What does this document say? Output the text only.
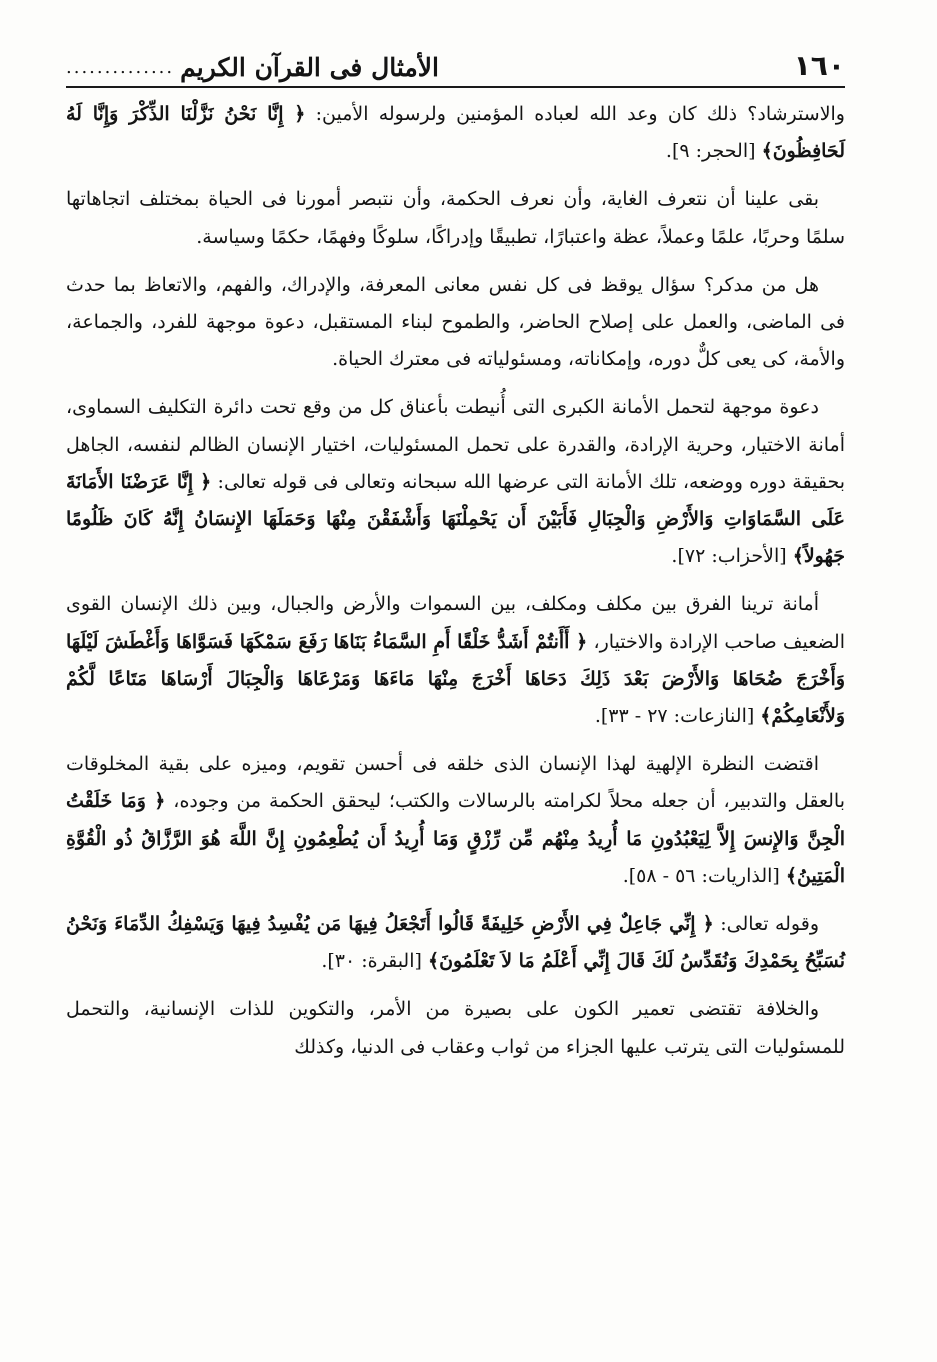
١٦٠
الأمثال فى القرآن الكريم
..............

والاسترشاد؟ ذلك كان وعد الله لعباده المؤمنين ولرسوله الأمين: ﴿ إِنَّا نَحْنُ نَزَّلْنَا الذِّكْرَ وَإِنَّا لَهُ لَحَافِظُونَ﴾ [الحجر: ٩].

بقى علينا أن نتعرف الغاية، وأن نعرف الحكمة، وأن نتبصر أمورنا فى الحياة بمختلف اتجاهاتها سلمًا وحربًا، علمًا وعملاً، عظة واعتبارًا، تطبيقًا وإدراكًا، سلوكًا وفهمًا، حكمًا وسياسة.

هل من مدكر؟ سؤال يوقظ فى كل نفس معانى المعرفة، والإدراك، والفهم، والاتعاظ بما حدث فى الماضى، والعمل على إصلاح الحاضر، والطموح لبناء المستقبل، دعوة موجهة للفرد، والجماعة، والأمة، كى يعى كلٌّ دوره، وإمكاناته، ومسئولياته فى معترك الحياة.

دعوة موجهة لتحمل الأمانة الكبرى التى أُنيطت بأعناق كل من وقع تحت دائرة التكليف السماوى، أمانة الاختيار، وحرية الإرادة، والقدرة على تحمل المسئوليات، اختيار الإنسان الظالم لنفسه، الجاهل بحقيقة دوره ووضعه، تلك الأمانة التى عرضها الله سبحانه وتعالى فى قوله تعالى: ﴿ إِنَّا عَرَضْنَا الأَمَانَةَ عَلَى السَّمَاوَاتِ وَالأَرْضِ وَالْجِبَالِ فَأَبَيْنَ أَن يَحْمِلْنَهَا وَأَشْفَقْنَ مِنْهَا وَحَمَلَهَا الإِنسَانُ إِنَّهُ كَانَ ظَلُومًا جَهُولاً﴾ [الأحزاب: ٧٢].

أمانة ترينا الفرق بين مكلف ومكلف، بين السموات والأرض والجبال، وبين ذلك الإنسان القوى الضعيف صاحب الإرادة والاختيار، ﴿ أَأَنتُمْ أَشَدُّ خَلْقًا أَمِ السَّمَاءُ بَنَاهَا رَفَعَ سَمْكَهَا فَسَوَّاهَا وَأَغْطَشَ لَيْلَهَا وَأَخْرَجَ ضُحَاهَا وَالأَرْضَ بَعْدَ ذَلِكَ دَحَاهَا أَخْرَجَ مِنْهَا مَاءَهَا وَمَرْعَاهَا وَالْجِبَالَ أَرْسَاهَا مَتَاعًا لَّكُمْ وَلأَنْعَامِكُمْ﴾ [النازعات: ٢٧ - ٣٣].

اقتضت النظرة الإلهية لهذا الإنسان الذى خلقه فى أحسن تقويم، وميزه على بقية المخلوقات بالعقل والتدبير، أن جعله محلاً لكرامته بالرسالات والكتب؛ ليحقق الحكمة من وجوده، ﴿ وَمَا خَلَقْتُ الْجِنَّ وَالإِنسَ إِلاَّ لِيَعْبُدُونِ مَا أُرِيدُ مِنْهُم مِّن رِّزْقٍ وَمَا أُرِيدُ أَن يُطْعِمُونِ إِنَّ اللَّهَ هُوَ الرَّزَّاقُ ذُو الْقُوَّةِ الْمَتِينُ﴾ [الذاريات: ٥٦ - ٥٨].

وقوله تعالى: ﴿ إِنِّي جَاعِلٌ فِي الأَرْضِ خَلِيفَةً قَالُوا أَتَجْعَلُ فِيهَا مَن يُفْسِدُ فِيهَا وَيَسْفِكُ الدِّمَاءَ وَنَحْنُ نُسَبِّحُ بِحَمْدِكَ وَنُقَدِّسُ لَكَ قَالَ إِنِّي أَعْلَمُ مَا لاَ تَعْلَمُونَ﴾ [البقرة: ٣٠].

والخلافة تقتضى تعمير الكون على بصيرة من الأمر، والتكوين للذات الإنسانية، والتحمل للمسئوليات التى يترتب عليها الجزاء من ثواب وعقاب فى الدنيا، وكذلك
